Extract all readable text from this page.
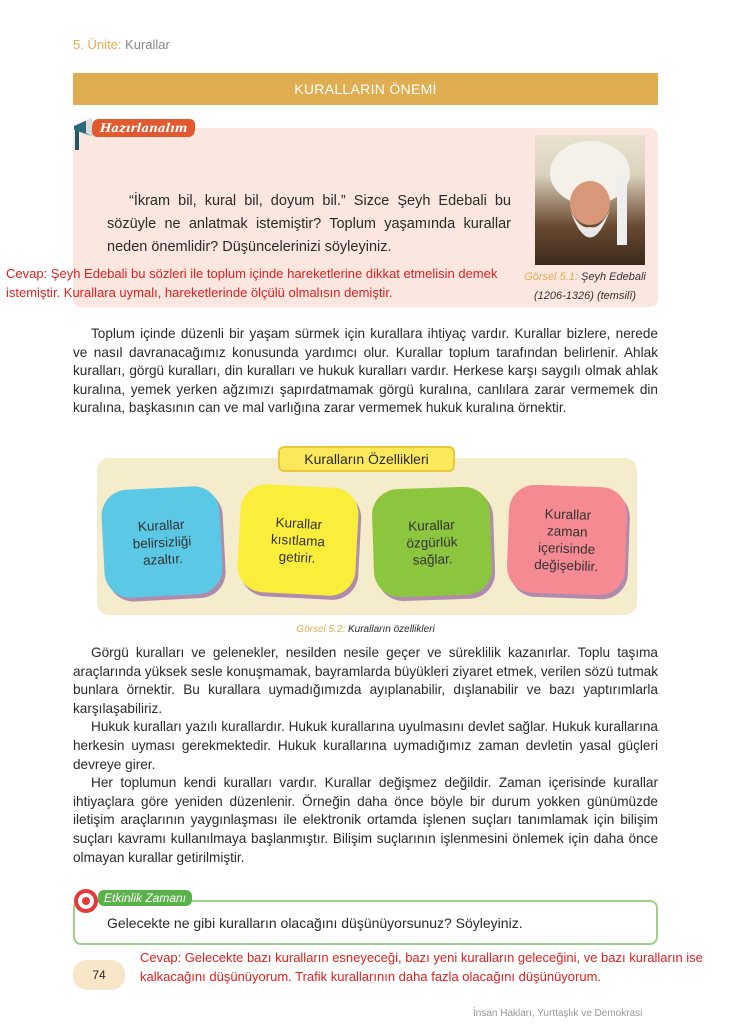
5. Ünite: Kurallar
KURALLARIN ÖNEMİ
Hazırlanalım
“İkram bil, kural bil, doyum bil.” Sizce Şeyh Edebali bu sözüyle ne anlatmak istemiştir? Toplum yaşamında kurallar neden önemlidir? Düşüncelerinizi söyleyiniz.
Görsel 5.1: Şeyh Edebali
(1206-1326) (temsilî)
Cevap: Şeyh Edebali bu sözleri ile toplum içinde hareketlerine dikkat etmelisin demek istemiştir. Kurallara uymalı, hareketlerinde ölçülü olmalısın demiştir.

Toplum içinde düzenli bir yaşam sürmek için kurallara ihtiyaç vardır. Kurallar bizlere, nerede ve nasıl davranacağımız konusunda yardımcı olur. Kurallar toplum tarafından belirlenir. Ahlak kuralları, görgü kuralları, din kuralları ve hukuk kuralları vardır. Herkese karşı saygılı olmak ahlak kuralına, yemek yerken ağzımızı şapırdatmamak görgü kuralına, canlılara zarar vermemek din kuralına, başkasının can ve mal varlığına zarar vermemek hukuk kuralına örnektir.

Kuralların Özellikleri
Kurallar belirsizliği azaltır.
Kurallar kısıtlama getirir.
Kurallar özgürlük sağlar.
Kurallar zaman içerisinde değişebilir.
Görsel 5.2: Kuralların özellikleri

Görgü kuralları ve gelenekler, nesilden nesile geçer ve süreklilik kazanırlar. Toplu taşıma araçlarında yüksek sesle konuşmamak, bayramlarda büyükleri ziyaret etmek, verilen sözü tutmak bunlara örnektir. Bu kurallara uymadığımızda ayıplanabilir, dışlanabilir ve bazı yaptırımlarla karşılaşabiliriz.

Hukuk kuralları yazılı kurallardır. Hukuk kurallarına uyulmasını devlet sağlar. Hukuk kurallarına herkesin uyması gerekmektedir. Hukuk kurallarına uymadığımız zaman devletin yasal güçleri devreye girer.

Her toplumun kendi kuralları vardır. Kurallar değişmez değildir. Zaman içerisinde kurallar ihtiyaçlara göre yeniden düzenlenir. Örneğin daha önce böyle bir durum yokken günümüzde iletişim araçlarının yaygınlaşması ile elektronik ortamda işlenen suçları tanımlamak için bilişim suçları kavramı kullanılmaya başlanmıştır. Bilişim suçlarının işlenmesini önlemek için daha önce olmayan kurallar getirilmiştir.

Etkinlik Zamanı
Gelecekte ne gibi kuralların olacağını düşünüyorsunuz? Söyleyiniz.
74
Cevap: Gelecekte bazı kuralların esneyeceği, bazı yeni kuralların geleceğini, ve bazı kuralların ise kalkacağını düşünüyorum. Trafik kurallarının daha fazla olacağını düşünüyorum.
İnsan Hakları, Yurttaşlık ve Demokrasi
